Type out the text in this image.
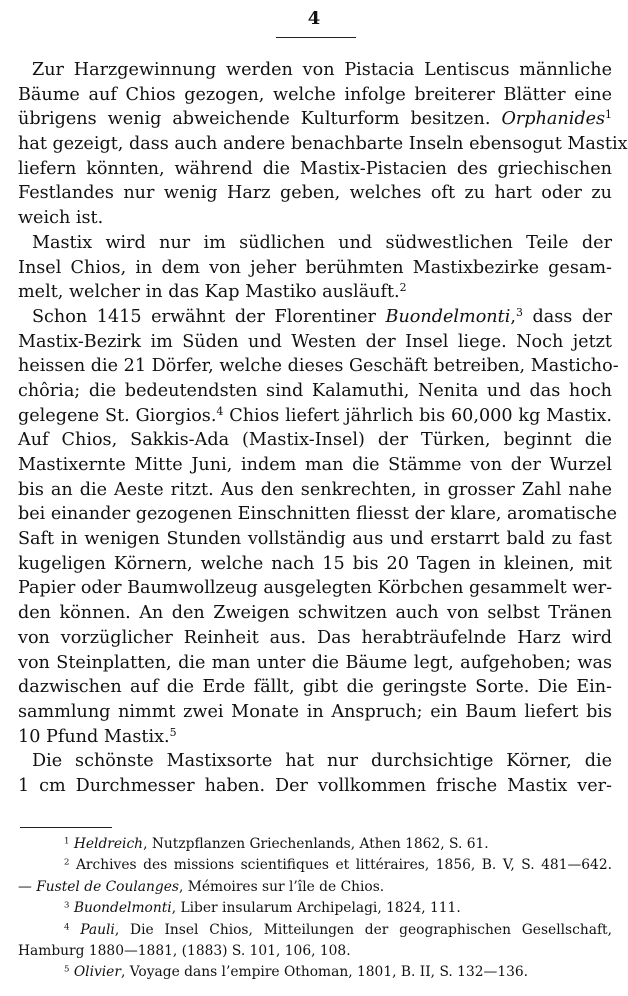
4
Zur Harzgewinnung werden von Pistacia Lentiscus männliche
Bäume auf Chios gezogen, welche infolge breiterer Blätter eine
übrigens wenig abweichende Kulturform besitzen. Orphanides$^1$
hat gezeigt, dass auch andere benachbarte Inseln ebensogut Mastix
liefern könnten, während die Mastix-Pistacien des griechischen
Festlandes nur wenig Harz geben, welches oft zu hart oder zu
weich ist.
Mastix wird nur im südlichen und südwestlichen Teile der
Insel Chios, in dem von jeher berühmten Mastixbezirke gesam-
melt, welcher in das Kap Mastiko ausläuft.$^2$
Schon 1415 erwähnt der Florentiner Buondelmonti,$^3$ dass der
Mastix-Bezirk im Süden und Westen der Insel liege. Noch jetzt
heissen die 21 Dörfer, welche dieses Geschäft betreiben, Masticho-
chôria; die bedeutendsten sind Kalamuthi, Nenita und das hoch
gelegene St. Giorgios.$^4$ Chios liefert jährlich bis 60,000 kg Mastix.
Auf Chios, Sakkis-Ada (Mastix-Insel) der Türken, beginnt die
Mastixernte Mitte Juni, indem man die Stämme von der Wurzel
bis an die Aeste ritzt. Aus den senkrechten, in grosser Zahl nahe
bei einander gezogenen Einschnitten fliesst der klare, aromatische
Saft in wenigen Stunden vollständig aus und erstarrt bald zu fast
kugeligen Körnern, welche nach 15 bis 20 Tagen in kleinen, mit
Papier oder Baumwollzeug ausgelegten Körbchen gesammelt wer-
den können. An den Zweigen schwitzen auch von selbst Tränen
von vorzüglicher Reinheit aus. Das herabträufelnde Harz wird
von Steinplatten, die man unter die Bäume legt, aufgehoben; was
dazwischen auf die Erde fällt, gibt die geringste Sorte. Die Ein-
sammlung nimmt zwei Monate in Anspruch; ein Baum liefert bis
10 Pfund Mastix.$^5$
Die schönste Mastixsorte hat nur durchsichtige Körner, die
1 cm Durchmesser haben. Der vollkommen frische Mastix ver-
$^1$ Heldreich, Nutzpflanzen Griechenlands, Athen 1862, S. 61.
$^2$ Archives des missions scientifiques et littéraires, 1856, B. V, S. 481—642.
— Fustel de Coulanges, Mémoires sur l’île de Chios.
$^3$ Buondelmonti, Liber insularum Archipelagi, 1824, 111.
$^4$ Pauli, Die Insel Chios, Mitteilungen der geographischen Gesellschaft,
Hamburg 1880—1881, (1883) S. 101, 106, 108.
$^5$ Olivier, Voyage dans l’empire Othoman, 1801, B. II, S. 132—136.
